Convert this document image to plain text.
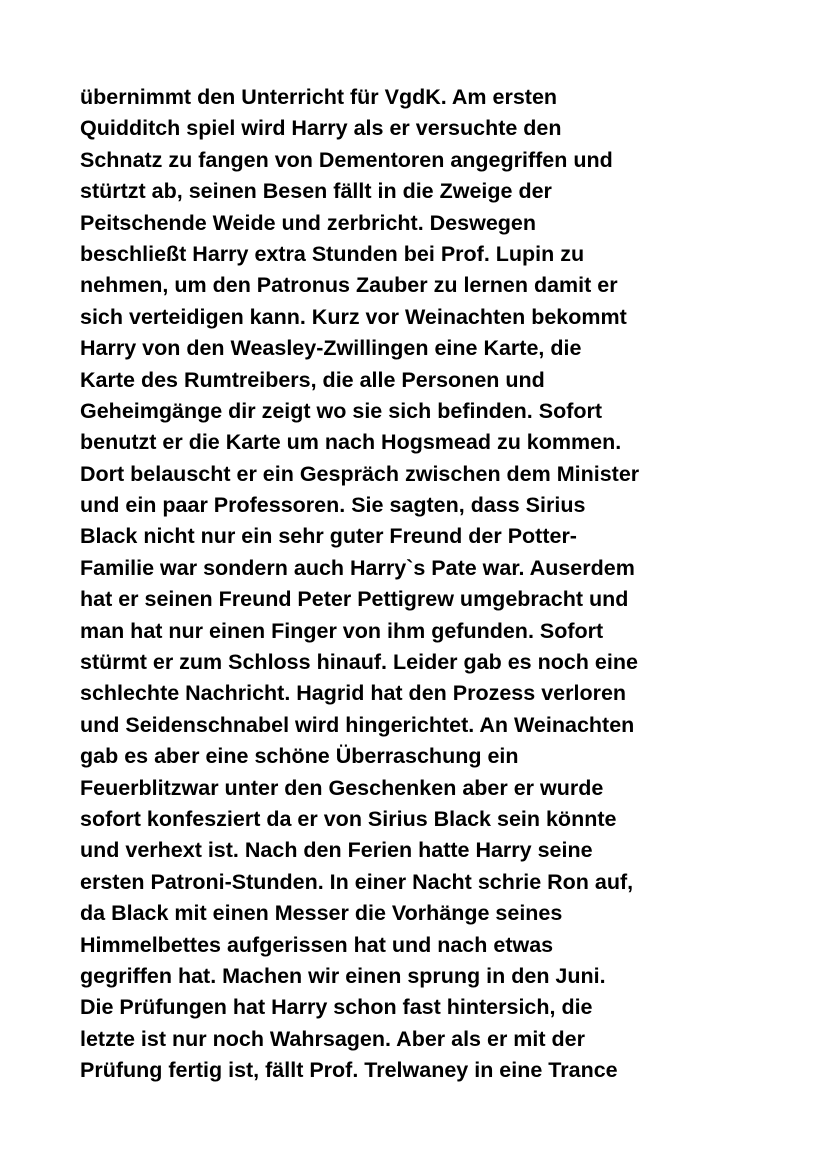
übernimmt den Unterricht für VgdK. Am ersten
Quidditch spiel wird Harry als er versuchte den
Schnatz zu fangen von Dementoren angegriffen und
stürtzt ab, seinen Besen fällt in die Zweige der
Peitschende Weide und zerbricht. Deswegen
beschließt Harry extra Stunden bei Prof. Lupin zu
nehmen, um den Patronus Zauber zu lernen damit er
sich verteidigen kann. Kurz vor Weinachten bekommt
Harry von den Weasley-Zwillingen eine Karte, die
Karte des Rumtreibers, die alle Personen und
Geheimgänge dir zeigt wo sie sich befinden. Sofort
benutzt er die Karte um nach Hogsmead zu kommen.
Dort belauscht er ein Gespräch zwischen dem Minister
und ein paar Professoren. Sie sagten, dass Sirius
Black nicht nur ein sehr guter Freund der Potter-
Familie war sondern auch Harry`s Pate war. Auserdem
hat er seinen Freund Peter Pettigrew umgebracht und
man hat nur einen Finger von ihm gefunden. Sofort
stürmt er zum Schloss hinauf. Leider gab es noch eine
schlechte Nachricht. Hagrid hat den Prozess verloren
und Seidenschnabel wird hingerichtet. An Weinachten
gab es aber eine schöne Überraschung ein
Feuerblitzwar unter den Geschenken aber er wurde
sofort konfesziert da er von Sirius Black sein könnte
und verhext ist. Nach den Ferien hatte Harry seine
ersten Patroni-Stunden. In einer Nacht schrie Ron auf,
da Black mit einen Messer die Vorhänge seines
Himmelbettes aufgerissen hat und nach etwas
gegriffen hat. Machen wir einen sprung in den Juni.
Die Prüfungen hat Harry schon fast hintersich, die
letzte ist nur noch Wahrsagen. Aber als er mit der
Prüfung fertig ist, fällt Prof. Trelwaney in eine Trance
